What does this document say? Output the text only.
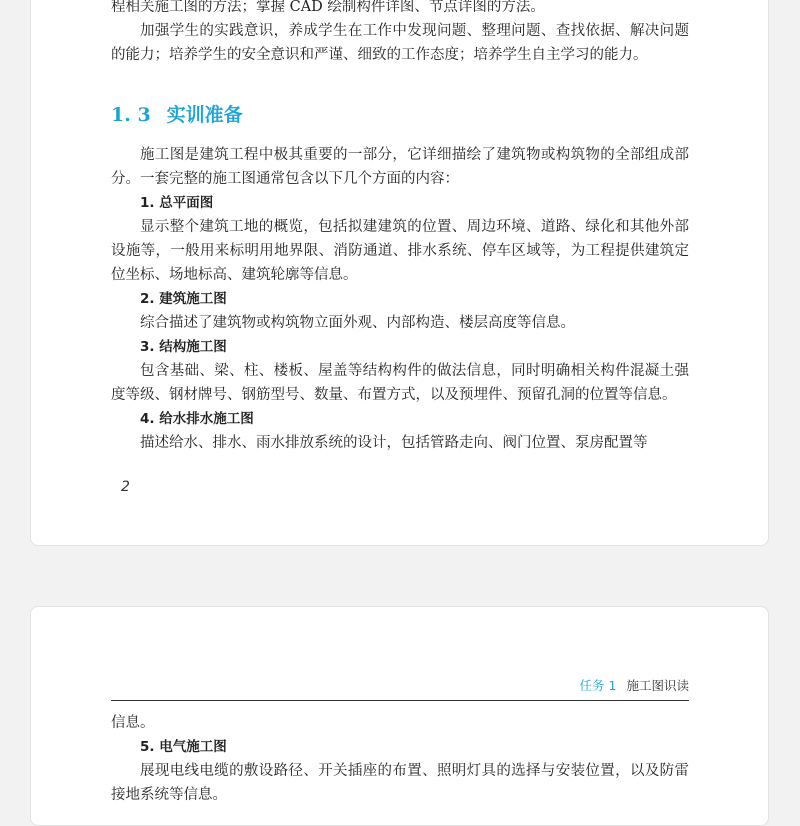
程相关施工图的方法；掌握 CAD 绘制构件详图、节点详图的方法。

加强学生的实践意识，养成学生在工作中发现问题、整理问题、查找依据、解决问题的能力；培养学生的安全意识和严谨、细致的工作态度；培养学生自主学习的能力。

1. 3 实训准备

施工图是建筑工程中极其重要的一部分，它详细描绘了建筑物或构筑物的全部组成部分。一套完整的施工图通常包含以下几个方面的内容：

1. 总平面图

显示整个建筑工地的概览，包括拟建建筑的位置、周边环境、道路、绿化和其他外部设施等，一般用来标明用地界限、消防通道、排水系统、停车区域等，为工程提供建筑定位坐标、场地标高、建筑轮廓等信息。

2. 建筑施工图

综合描述了建筑物或构筑物立面外观、内部构造、楼层高度等信息。

3. 结构施工图

包含基础、梁、柱、楼板、屋盖等结构构件的做法信息，同时明确相关构件混凝土强度等级、钢材牌号、钢筋型号、数量、布置方式，以及预埋件、预留孔洞的位置等信息。

4. 给水排水施工图

描述给水、排水、雨水排放系统的设计，包括管路走向、阀门位置、泵房配置等

2
任务 1 施工图识读

信息。

5. 电气施工图

展现电线电缆的敷设路径、开关插座的布置、照明灯具的选择与安装位置，以及防雷接地系统等信息。
